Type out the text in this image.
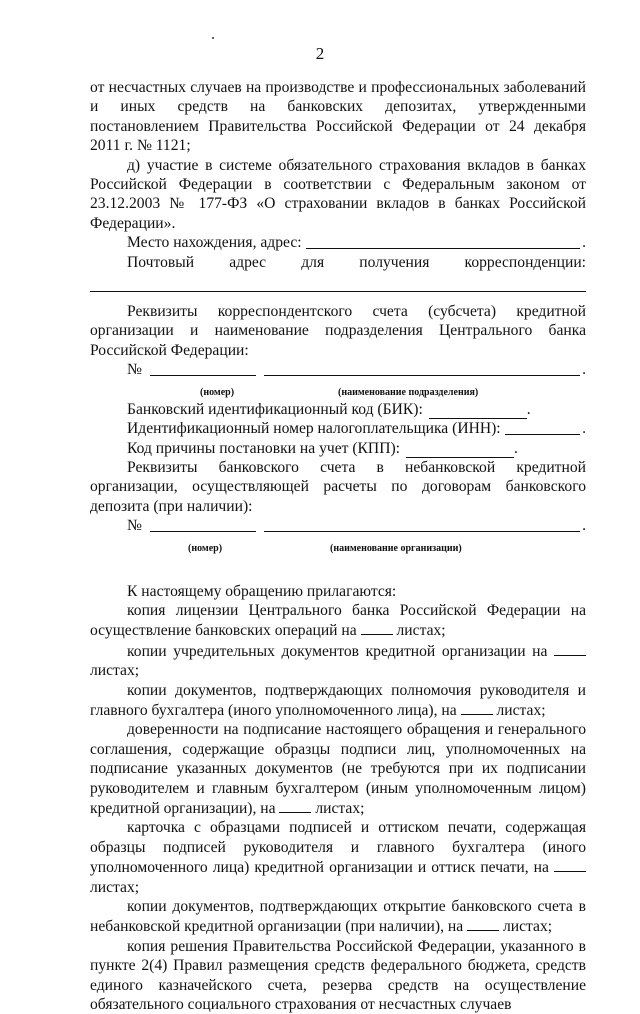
2

от несчастных случаев на производстве и профессиональных заболеваний и иных средств на банковских депозитах, утвержденными постановлением Правительства Российской Федерации от 24 декабря 2011 г. № 1121;

д) участие в системе обязательного страхования вкладов в банках Российской Федерации в соответствии с Федеральным законом от 23.12.2003 № 177-ФЗ «О страховании вкладов в банках Российской Федерации».

Место нахождения, адрес:	.

Почтовый адрес для получения корреспонденции:

Реквизиты корреспондентского счета (субсчета) кредитной организации и наименование подразделения Центрального банка Российской Федерации:

№	.
(номер)	(наименование подразделения)
Банковский идентификационный код (БИК):	.
Идентификационный номер налогоплательщика (ИНН):	.
Код причины постановки на учет (КПП):	.

Реквизиты банковского счета в небанковской кредитной организации, осуществляющей расчеты по договорам банковского депозита (при наличии):

№	.
(номер)	(наименование организации)

К настоящему обращению прилагаются:

копия лицензии Центрального банка Российской Федерации на осуществление банковских операций на	листах;

копии учредительных документов кредитной организации на  листах;

копии документов, подтверждающих полномочия руководителя и главного бухгалтера (иного уполномоченного лица), на	листах;

доверенности на подписание настоящего обращения и генерального соглашения, содержащие образцы подписи лиц, уполномоченных на подписание указанных документов (не требуются при их подписании руководителем и главным бухгалтером (иным уполномоченным лицом) кредитной организации), на	листах;

карточка с образцами подписей и оттиском печати, содержащая образцы подписей руководителя и главного бухгалтера (иного уполномоченного лица) кредитной организации и оттиск печати, на  листах;

копии документов, подтверждающих открытие банковского счета в небанковской кредитной организации (при наличии), на	листах;

копия решения Правительства Российской Федерации, указанного в пункте 2(4) Правил размещения средств федерального бюджета, средств единого казначейского счета, резерва средств на осуществление обязательного социального страхования от несчастных случаев
